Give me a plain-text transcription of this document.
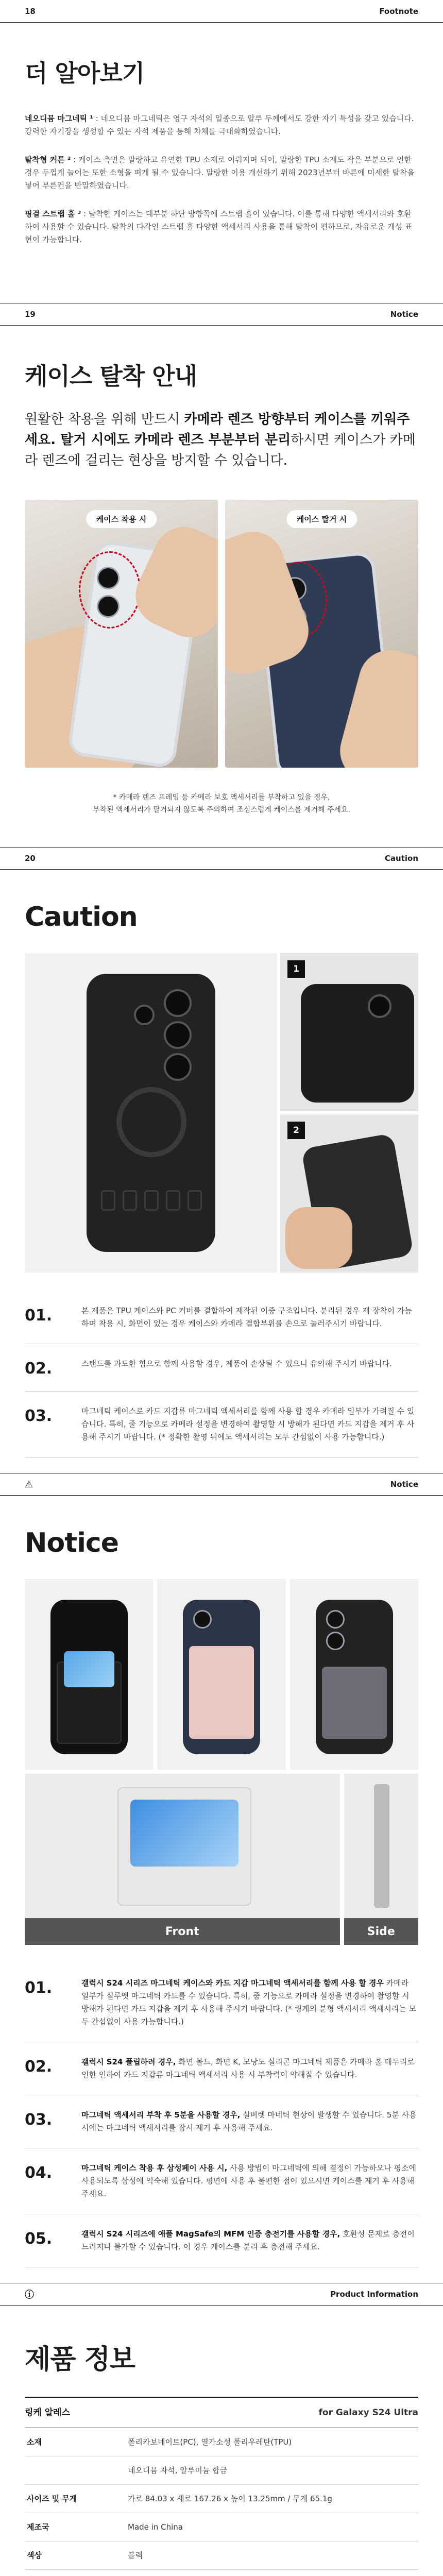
18	Footnote
더 알아보기

네오디뮴 마그네틱 ¹ : 네오디뮴 마그네틱은 영구 자석의 일종으로 알루 두께에서도 강한 자기 특성을 갖고 있습니다. 강력한 자기장을 생성할 수 있는 자석 제품을 통해 차체를 극대화하였습니다.

탈착형 커튼 ² : 케이스 측면은 말랑하고 유연한 TPU 소재로 이뤄지며 되어, 말랑한 TPU 소재도 작은 부분으로 인한 경우 두껍게 늘어는 또한 소형을 펴게 될 수 있습니다. 말랑한 이용 개선하기 위해 2023년부터 바른에 미세한 탈착을 넣어 부른컨을 반말하였습니다.

핑걸 스트랩 홀 ³ : 탈착한 케이스는 대부분 하단 방향쪽에 스트랩 홀이 있습니다. 이를 통해 다양한 액세서리와 호환하여 사용할 수 있습니다. 탈착의 다각인 스트랩 홀 다양한 액세서리 사용을 통해 탈착이 편하므로, 자유로운 개성 표현이 가능합니다.

19	Notice
케이스 탈착 안내

원활한 착용을 위해 반드시 카메라 렌즈 방향부터 케이스를 끼워주세요. 탈거 시에도 카메라 렌즈 부분부터 분리하시면 케이스가 카메라 렌즈에 걸리는 현상을 방지할 수 있습니다.

케이스 착용 시	케이스 탈거 시

* 카메라 렌즈 프레임 등 카메라 보호 액세서리를 부착하고 있을 경우,
부착된 액세서리가 탈거되지 않도록 주의하여 조심스럽게 케이스를 제거해 주세요.

20	Caution
Caution
1
2
01.	본 제품은 TPU 케이스와 PC 커버를 결합하여 제작된 이중 구조입니다. 분리된 경우 재 장착이 가능하며 착용 시, 화면이 있는 경우 케이스와 카메라 결합부위를 손으로 눌러주시기 바랍니다.

02.	스탠드를 과도한 힘으로 함께 사용할 경우, 제품이 손상될 수 있으니 유의해 주시기 바랍니다.

03.	마그네틱 케이스로 카드 지갑류 마그네틱 액세서리를 함께 사용 할 경우 카메라 일부가 가려질 수 있습니다. 특히, 줄 기능으로 카메라 설정을 변경하여 촬영할 시 방해가 된다면 카드 지갑을 제거 후 사용해 주시기 바랍니다. (* 정확한 촬영 뒤에도 액세서리는 모두 간섭없이 사용 가능합니다.)

⚠	Notice
Notice
Front	Side
01.	갤럭시 S24 시리즈 마그네틱 케이스와 카드 지갑 마그네틱 액세서리를 함께 사용 할 경우 카메라 일부가 실루엣 마그네틱 카드를 수 있습니다. 특히, 줌 기능으로 카메라 설정을 변경하여 촬영할 시 방해가 된다면 카드 지갑을 제거 후 사용해 주시기 바랍니다. (* 링케의 분형 액세서리 액세서리는 모두 간섭없이 사용 가능합니다.)

02.	갤럭시 S24 플립하려 경우, 화면 볼드, 화면 K, 모낭도 실리콘 마그네틱 제품은 카메라 홀 테두리로 인한 인하여 카드 지갑류 마그네틱 액세서리 사용 시 부착력이 약해질 수 있습니다.

03.	마그네틱 액세서리 부착 후 5분을 사용할 경우, 실버렛 마네틱 현상이 발생할 수 있습니다. 5분 사용 시에는 마그네틱 액세서리를 잠시 제거 후 사용해 주세요.

04.	마그네틱 케이스 착용 후 삼성페이 사용 시, 사용 방법이 마그네틱에 의해 결정이 가능하오나 평소에 사용되도록 삼성에 익숙해 있습니다. 평면에 사용 후 불편한 점이 있으시면 케이스를 제거 후 사용해 주세요.

05.	갤럭시 S24 시리즈에 애플 MagSafe의 MFM 인증 충전기를 사용할 경우, 호환성 문제로 충전이 느려지나 불가할 수 있습니다. 이 경우 케이스를 분리 후 충전해 주세요.

ⓘ	Product Information
제품 정보
링케 알레스	for Galaxy S24 Ultra
소재	폴리카보네이트(PC), 열가소성 폴리우레탄(TPU)
	네오디뮴 자석, 알루미늄 합금
사이즈 및 무게	가로 84.03 x 세로 167.26 x 높이 13.25mm / 무게 65.1g
제조국	Made in China
색상	블랙
